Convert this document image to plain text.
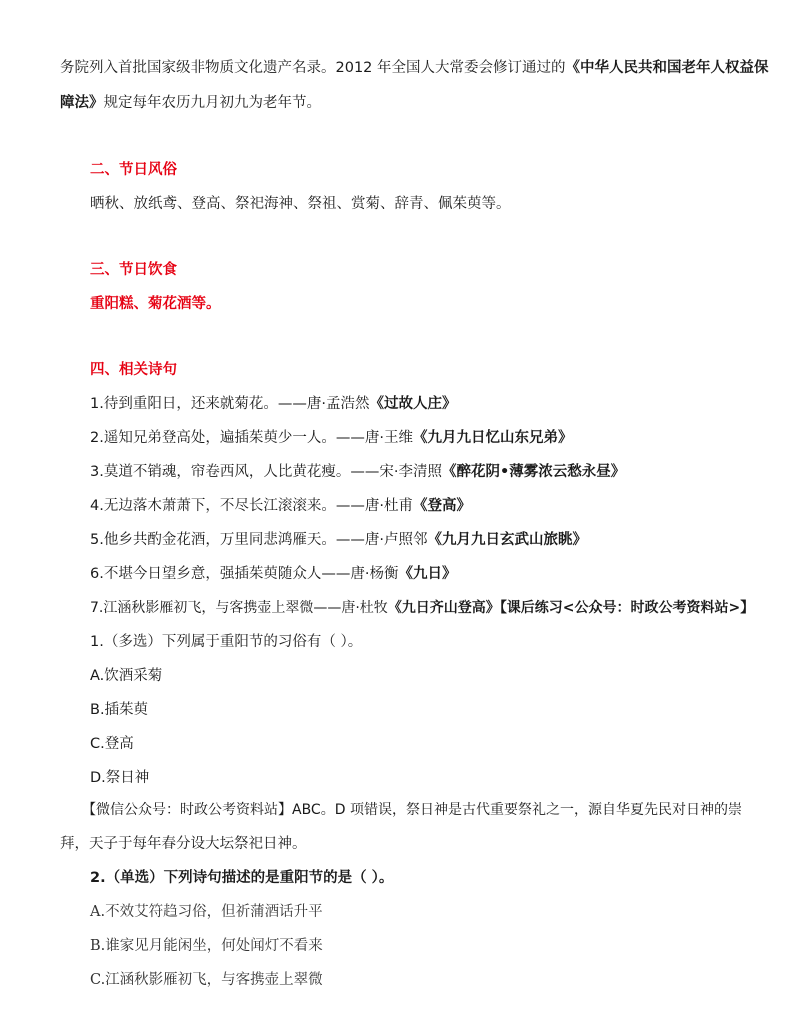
务院列入首批国家级非物质文化遗产名录。2012 年全国人大常委会修订通过的《中华人民共和国老年人权益保
障法》规定每年农历九月初九为老年节。
二、节日风俗
晒秋、放纸鸢、登高、祭祀海神、祭祖、赏菊、辞青、佩茱萸等。
三、节日饮食
重阳糕、菊花酒等。
四、相关诗句
1.待到重阳日，还来就菊花。——唐·孟浩然《过故人庄》
2.遥知兄弟登高处，遍插茱萸少一人。——唐·王维《九月九日忆山东兄弟》
3.莫道不销魂，帘卷西风，人比黄花瘦。——宋·李清照《醉花阴•薄雾浓云愁永昼》
4.无边落木萧萧下，不尽长江滚滚来。——唐·杜甫《登高》
5.他乡共酌金花酒，万里同悲鸿雁天。——唐·卢照邻《九月九日玄武山旅眺》
6.不堪今日望乡意，强插茱萸随众人——唐·杨衡《九日》
7.江涵秋影雁初飞，与客携壶上翠微——唐·杜牧《九日齐山登高》【课后练习<公众号：时政公考资料站>】
1.（多选）下列属于重阳节的习俗有（ ）。
A.饮酒采菊
B.插茱萸
C.登高
D.祭日神
【微信公众号：时政公考资料站】ABC。D 项错误，祭日神是古代重要祭礼之一，源自华夏先民对日神的崇
拜，天子于每年春分设大坛祭祀日神。
2.（单选）下列诗句描述的是重阳节的是（ ）。
A.不效艾符趋习俗，但祈蒲酒话升平
B.谁家见月能闲坐，何处闻灯不看来
C.江涵秋影雁初飞，与客携壶上翠微
